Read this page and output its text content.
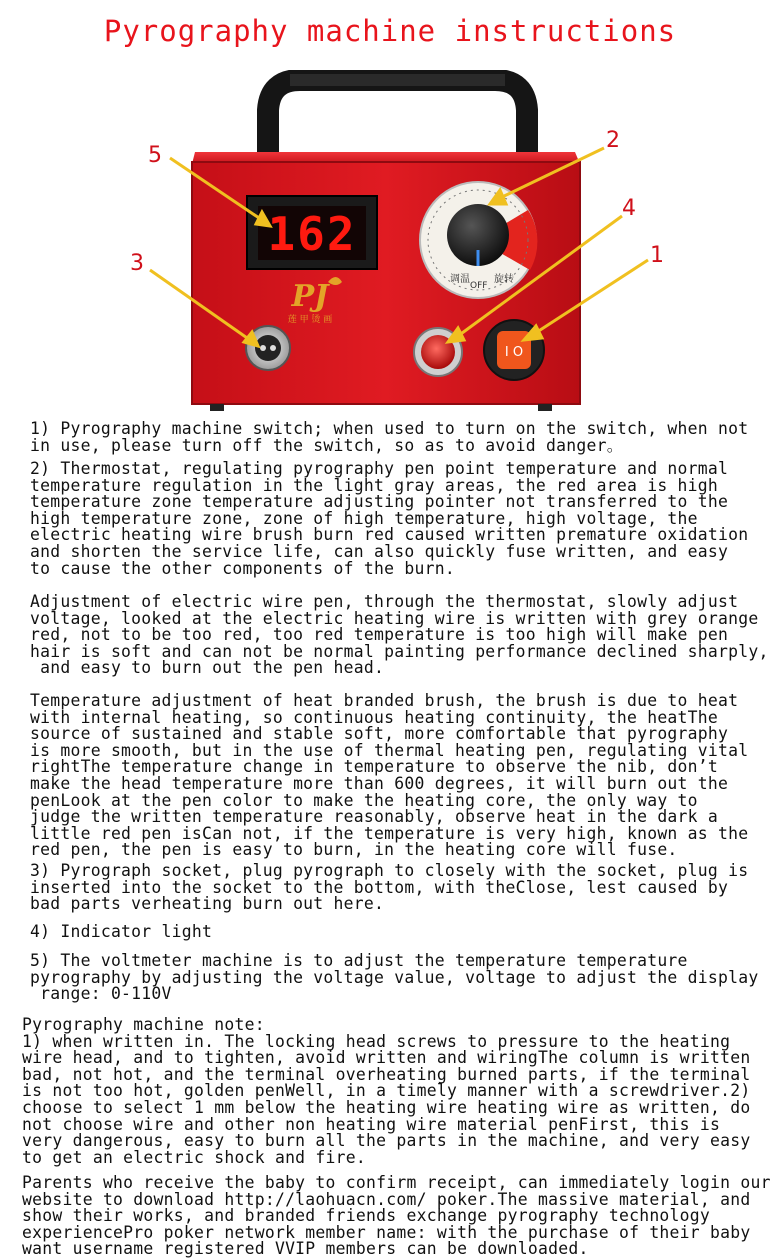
Pyrography machine instructions
162
PJ
莲 甲 烫 画
调温
OFF
旋转
I O
1
2
3
4
5

1) Pyrography machine switch; when used to turn on the switch, when not
in use, please turn off the switch, so as to avoid danger。

2) Thermostat, regulating pyrography pen point temperature and normal
temperature regulation in the light gray areas, the red area is high
temperature zone temperature adjusting pointer not transferred to the
high temperature zone, zone of high temperature, high voltage, the
electric heating wire brush burn red caused written premature oxidation
and shorten the service life, can also quickly fuse written, and easy
to cause the other components of the burn.

Adjustment of electric wire pen, through the thermostat, slowly adjust
voltage, looked at the electric heating wire is written with grey orange
red, not to be too red, too red temperature is too high will make pen
hair is soft and can not be normal painting performance declined sharply,
and easy to burn out the pen head.

Temperature adjustment of heat branded brush, the brush is due to heat
with internal heating, so continuous heating continuity, the heatThe
source of sustained and stable soft, more comfortable that pyrography
is more smooth, but in the use of thermal heating pen, regulating vital
rightThe temperature change in temperature to observe the nib, don’t
make the head temperature more than 600 degrees, it will burn out the
penLook at the pen color to make the heating core, the only way to
judge the written temperature reasonably, observe heat in the dark a
little red pen isCan not, if the temperature is very high, known as the
red pen, the pen is easy to burn, in the heating core will fuse.

3) Pyrograph socket, plug pyrograph to closely with the socket, plug is
inserted into the socket to the bottom, with theClose, lest caused by
bad parts verheating burn out here.

4) Indicator light

5) The voltmeter machine is to adjust the temperature temperature
pyrography by adjusting the voltage value, voltage to adjust the display
range: 0-110V

Pyrography machine note:
1) when written in. The locking head screws to pressure to the heating
wire head, and to tighten, avoid written and wiringThe column is written
bad, not hot, and the terminal overheating burned parts, if the terminal
is not too hot, golden penWell, in a timely manner with a screwdriver.2)
choose to select 1 mm below the heating wire heating wire as written, do
not choose wire and other non heating wire material penFirst, this is
very dangerous, easy to burn all the parts in the machine, and very easy
to get an electric shock and fire.

Parents who receive the baby to confirm receipt, can immediately login our
website to download http://laohuacn.com/ poker.The massive material, and
show their works, and branded friends exchange pyrography technology
experiencePro poker network member name: with the purchase of their baby
want username registered VVIP members can be downloaded.
